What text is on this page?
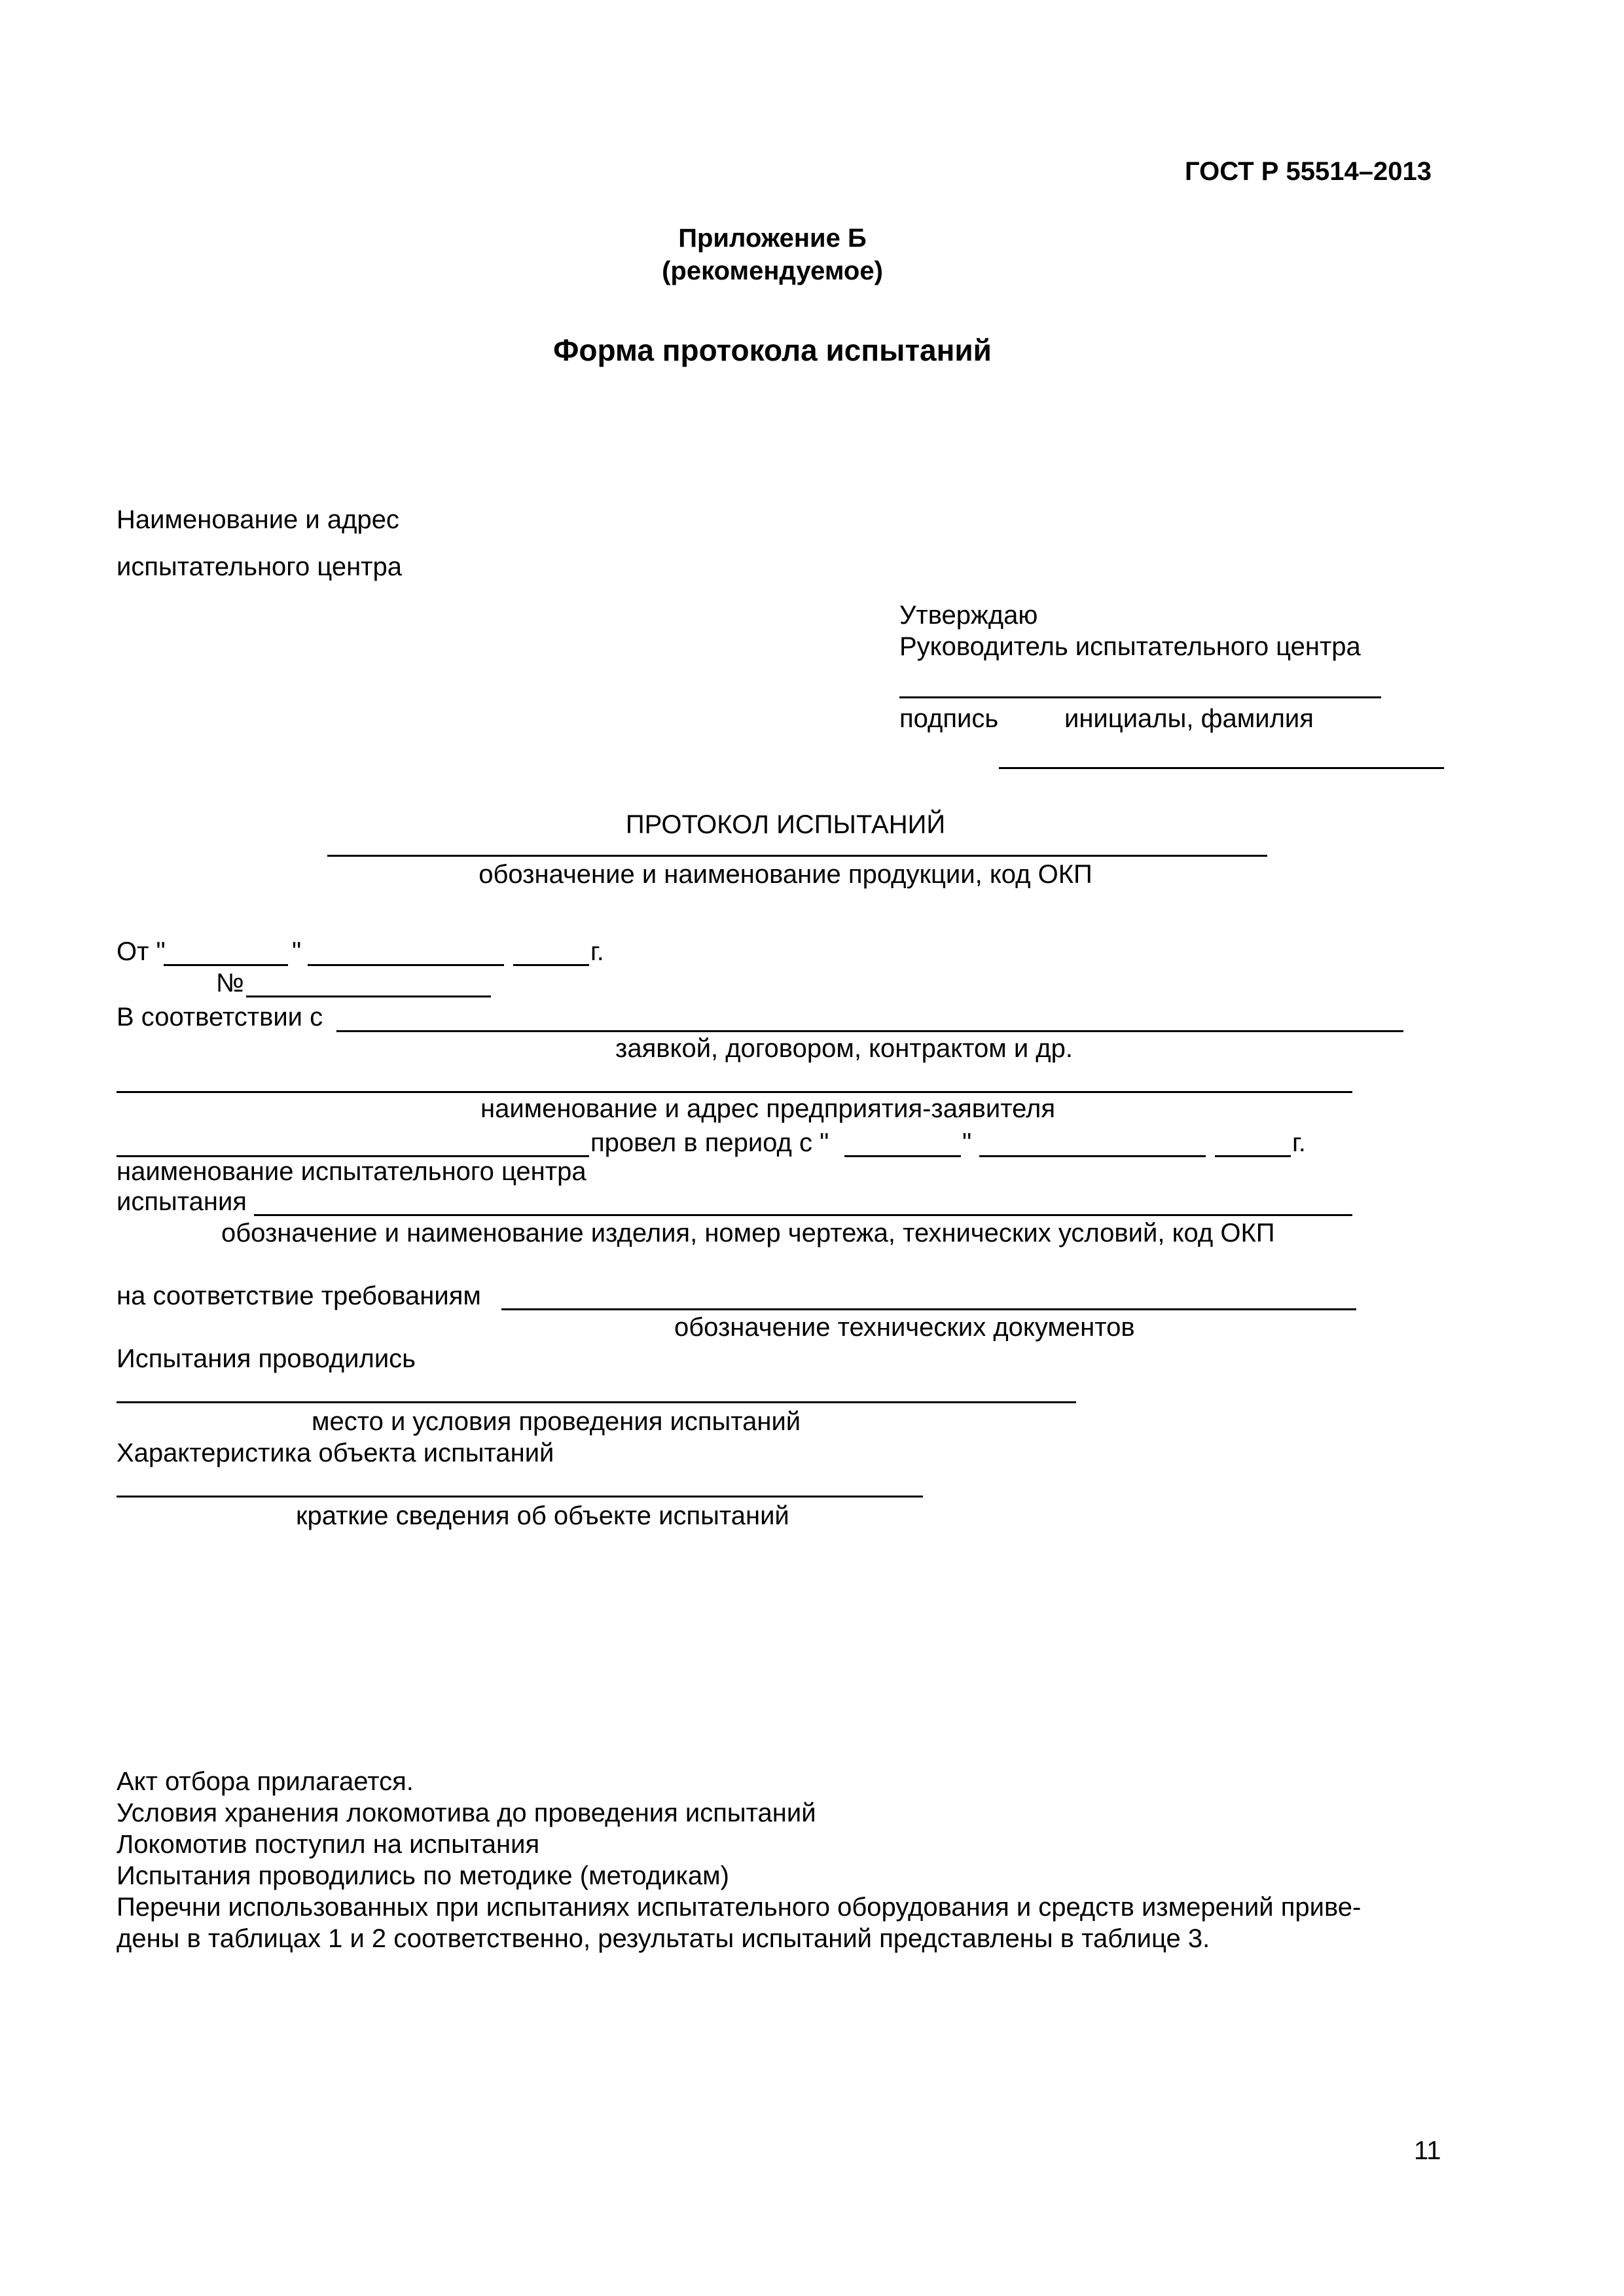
ГОСТ Р 55514–2013
Приложение Б
(рекомендуемое)
Форма протокола испытаний
Наименование и адрес
испытательного центра
Утверждаю
Руководитель испытательного центра
подпись	инициалы, фамилия
ПРОТОКОЛ ИСПЫТАНИЙ
обозначение и наименование продукции, код ОКП
От "	"	г.
№
В соответствии с
заявкой, договором, контрактом и др.
наименование и адрес предприятия-заявителя
провел в период с "	"	г.
наименование испытательного центра
испытания
обозначение и наименование изделия, номер чертежа, технических условий, код ОКП
на соответствие требованиям
обозначение технических документов
Испытания проводились
место и условия проведения испытаний
Характеристика объекта испытаний
краткие сведения об объекте испытаний
Акт отбора прилагается.
Условия хранения локомотива до проведения испытаний
Локомотив поступил на испытания
Испытания проводились по методике (методикам)
Перечни использованных при испытаниях испытательного оборудования и средств измерений приве-
дены в таблицах 1 и 2 соответственно, результаты испытаний представлены в таблице 3.
11
